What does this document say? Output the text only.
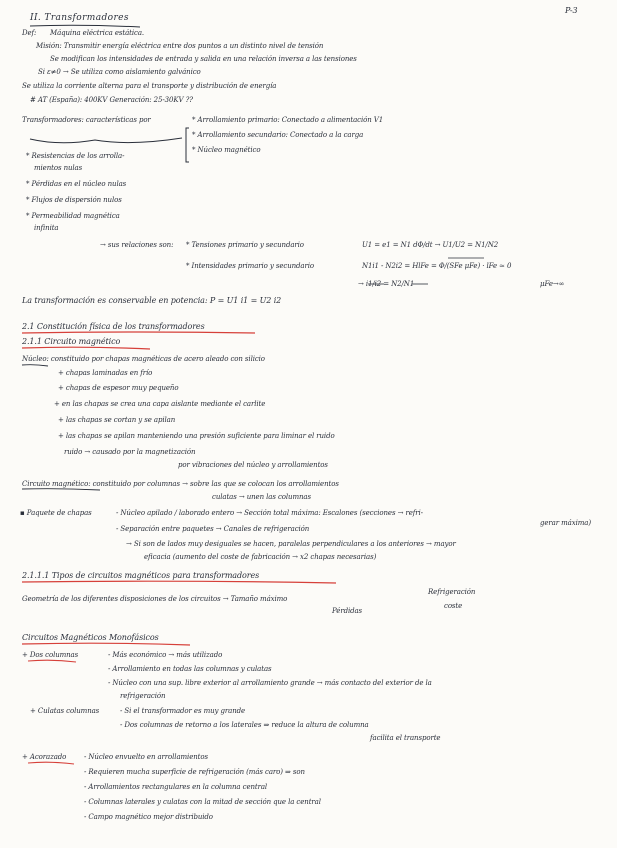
P-3
II. Transformadores
Def: Máquina eléctrica estática.
Misión: Transmitir energía eléctrica entre dos puntos a un distinto nivel de tensión
Se modifican los intensidades de entrada y salida en una relación inversa a las tensiones
Si ε≠0 → Se utiliza como aislamiento galvánico
Se utiliza la corriente alterna para el transporte y distribución de energía
# AT (España): 400KV Generación: 25-30KV ??
Transformadores: características por	* Arrollamiento primario: Conectado a alimentación V1
* Arrollamiento secundario: Conectado a la carga
* Núcleo magnético
* Resistencias de los arrolla-
mientos nulas
* Pérdidas en el núcleo nulas
* Flujos de dispersión nulos
* Permeabilidad magnética
infinita
→ sus relaciones son: * Tensiones primario y secundario	U1 = e1 = N1 dΦ/dt → U1/U2 = N1/N2
* Intensidades primario y secundario	N1i1 - N2i2 = HlFe = Φ/(SFe μFe) · lFe ≃ 0
→ i1/i2 = N2/N1	μFe→∞
La transformación es conservable en potencia: P = U1 i1 = U2 i2
2.1 Constitución física de los transformadores
2.1.1 Circuito magnético
Núcleo: constituido por chapas magnéticas de acero aleado con silicio
+ chapas laminadas en frío
+ chapas de espesor muy pequeño
+ en las chapas se crea una capa aislante mediante el carlite
+ las chapas se cortan y se apilan
+ las chapas se apilan manteniendo una presión suficiente para liminar el ruido
ruido → causado por la magnetización
por vibraciones del núcleo y arrollamientos
Circuito magnético: constituido por columnas → sobre las que se colocan los arrollamientos
culatas → unen las columnas
▪ Paquete de chapas	- Núcleo apilado / laborado entero → Sección total máxima: Escalones (secciones → refri-
gerar máxima)
- Separación entre paquetes → Canales de refrigeración
→ Si son de lados muy desiguales se hacen, paralelas perpendiculares a los anteriores → mayor
eficacia (aumento del coste de fabricación → x2 chapas necesarias)
2.1.1.1 Tipos de circuitos magnéticos para transformadores
Geometría de los diferentes disposiciones de los circuitos → Tamaño máximo
Refrigeración
Pérdidas
coste
Circuitos Magnéticos Monofásicos
+ Dos columnas	- Más económico → más utilizado
- Arrollamiento en todas las columnas y culatas
- Núcleo con una sup. libre exterior al arrollamiento grande → más contacto del exterior de la
refrigeración
+ Culatas columnas	- Si el transformador es muy grande
- Dos columnas de retorno a los laterales ⇒ reduce la altura de columna
facilita el transporte
+ Acorazado	- Núcleo envuelto en arrollamientos
- Requieren mucha superficie de refrigeración (más caro) ⇒ son
- Arrollamientos rectangulares en la columna central
- Columnas laterales y culatas con la mitad de sección que la central
- Campo magnético mejor distribuido
